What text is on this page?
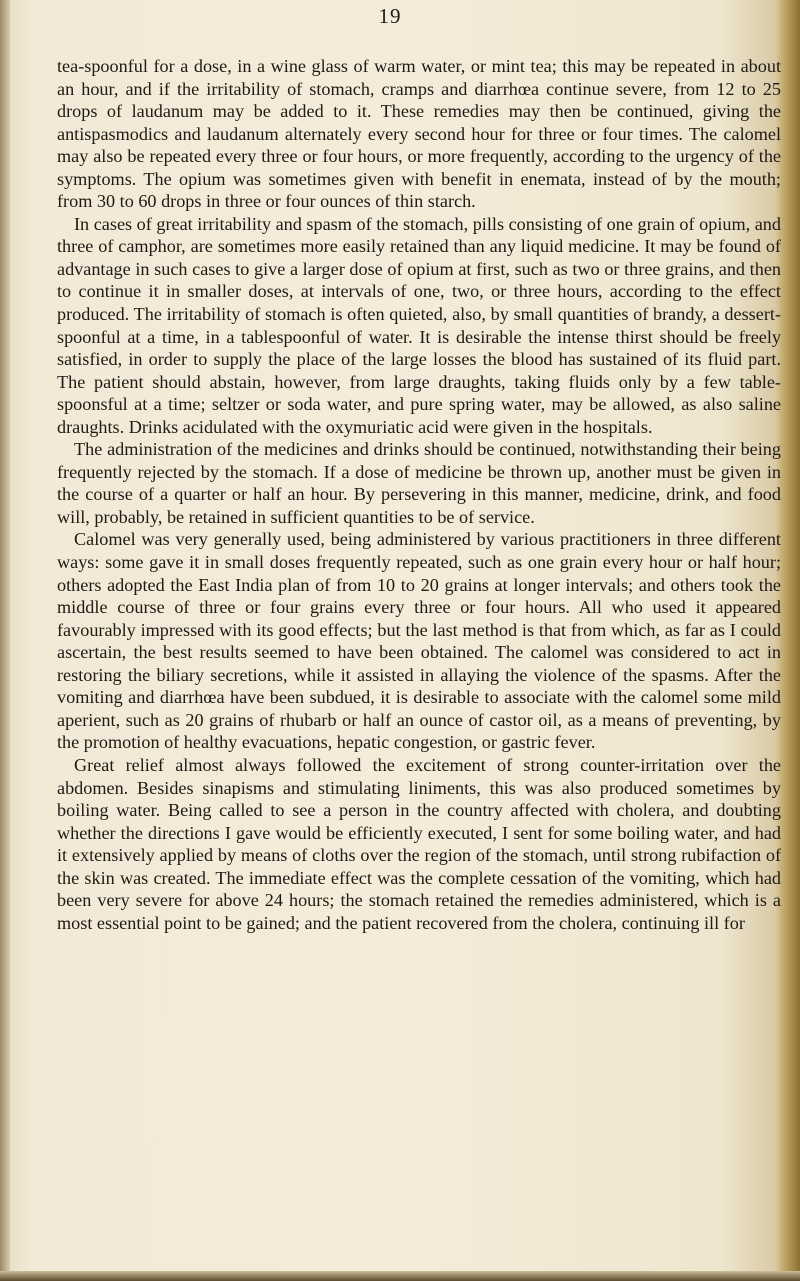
19

tea-spoonful for a dose, in a wine glass of warm water, or mint tea; this may be repeated in about an hour, and if the irritability of stomach, cramps and diarrhœa continue severe, from 12 to 25 drops of laudanum may be added to it. These remedies may then be continued, giving the antispasmodics and laudanum alternately every second hour for three or four times. The calomel may also be repeated every three or four hours, or more frequently, according to the urgency of the symptoms. The opium was sometimes given with benefit in enemata, instead of by the mouth; from 30 to 60 drops in three or four ounces of thin starch.

In cases of great irritability and spasm of the stomach, pills consisting of one grain of opium, and three of camphor, are sometimes more easily retained than any liquid medicine. It may be found of advantage in such cases to give a larger dose of opium at first, such as two or three grains, and then to continue it in smaller doses, at intervals of one, two, or three hours, according to the effect produced. The irritability of stomach is often quieted, also, by small quantities of brandy, a dessert-spoonful at a time, in a tablespoonful of water. It is desirable the intense thirst should be freely satisfied, in order to supply the place of the large losses the blood has sustained of its fluid part. The patient should abstain, however, from large draughts, taking fluids only by a few table-spoonsful at a time; seltzer or soda water, and pure spring water, may be allowed, as also saline draughts. Drinks acidulated with the oxymuriatic acid were given in the hospitals.

The administration of the medicines and drinks should be continued, notwithstanding their being frequently rejected by the stomach. If a dose of medicine be thrown up, another must be given in the course of a quarter or half an hour. By persevering in this manner, medicine, drink, and food will, probably, be retained in sufficient quantities to be of service.

Calomel was very generally used, being administered by various practitioners in three different ways: some gave it in small doses frequently repeated, such as one grain every hour or half hour; others adopted the East India plan of from 10 to 20 grains at longer intervals; and others took the middle course of three or four grains every three or four hours. All who used it appeared favourably impressed with its good effects; but the last method is that from which, as far as I could ascertain, the best results seemed to have been obtained. The calomel was considered to act in restoring the biliary secretions, while it assisted in allaying the violence of the spasms. After the vomiting and diarrhœa have been subdued, it is desirable to associate with the calomel some mild aperient, such as 20 grains of rhubarb or half an ounce of castor oil, as a means of preventing, by the promotion of healthy evacuations, hepatic congestion, or gastric fever.

Great relief almost always followed the excitement of strong counter-irritation over the abdomen. Besides sinapisms and stimulating liniments, this was also produced sometimes by boiling water. Being called to see a person in the country affected with cholera, and doubting whether the directions I gave would be efficiently executed, I sent for some boiling water, and had it extensively applied by means of cloths over the region of the stomach, until strong rubifaction of the skin was created. The immediate effect was the complete cessation of the vomiting, which had been very severe for above 24 hours; the stomach retained the remedies administered, which is a most essential point to be gained; and the patient recovered from the cholera, continuing ill for
